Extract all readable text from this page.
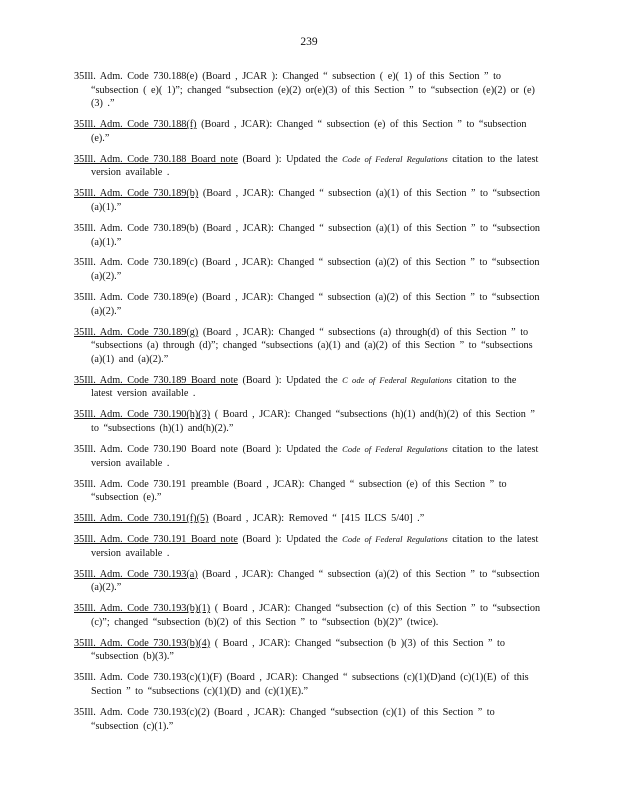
239

35Ill. Adm. Code 730.188(e) (Board , JCAR ): Changed “ subsection ( e)( 1) of this Section ” to “subsection ( e)( 1)”; changed “subsection (e)(2) or(e)(3) of this Section ” to “subsection (e)(2) or (e)(3) .”

35Ill. Adm. Code 730.188(f) (Board , JCAR): Changed “ subsection (e) of this Section ” to “subsection (e).”

35Ill. Adm. Code 730.188 Board note (Board ): Updated the Code of Federal Regulations citation to the latest version available .

35Ill. Adm. Code 730.189(b) (Board , JCAR): Changed “ subsection (a)(1) of this Section ” to “subsection (a)(1).”

35Ill. Adm. Code 730.189(b) (Board , JCAR): Changed “ subsection (a)(1) of this Section ” to “subsection (a)(1).”

35Ill. Adm. Code 730.189(c) (Board , JCAR): Changed “ subsection (a)(2) of this Section ” to “subsection (a)(2).”

35Ill. Adm. Code 730.189(e) (Board , JCAR): Changed “ subsection (a)(2) of this Section ” to “subsection (a)(2).”

35Ill. Adm. Code 730.189(g) (Board , JCAR): Changed “ subsections (a) through(d) of this Section ” to “subsections (a) through (d)”; changed “subsections (a)(1) and (a)(2) of this Section ” to “subsections (a)(1) and (a)(2).”

35Ill. Adm. Code 730.189 Board note (Board ): Updated the C ode of Federal Regulations citation to the latest version available .

35Ill. Adm. Code 730.190(h)(3) ( Board , JCAR): Changed “subsections (h)(1) and(h)(2) of this Section ” to “subsections (h)(1) and(h)(2).”

35Ill. Adm. Code 730.190 Board note (Board ): Updated the Code of Federal Regulations citation to the latest version available .

35Ill. Adm. Code 730.191 preamble (Board , JCAR): Changed “ subsection (e) of this Section ” to “subsection (e).”

35Ill. Adm. Code 730.191(f)(5) (Board , JCAR): Removed “ [415 ILCS 5/40] .”

35Ill. Adm. Code 730.191 Board note (Board ): Updated the Code of Federal Regulations citation to the latest version available .

35Ill. Adm. Code 730.193(a) (Board , JCAR): Changed “ subsection (a)(2) of this Section ” to “subsection (a)(2).”

35Ill. Adm. Code 730.193(b)(1) ( Board , JCAR): Changed “subsection (c) of this Section ” to “subsection (c)”; changed “subsection (b)(2) of this Section ” to “subsection (b)(2)” (twice).

35Ill. Adm. Code 730.193(b)(4) ( Board , JCAR): Changed “subsection (b )(3) of this Section ” to “subsection (b)(3).”

35Ill. Adm. Code 730.193(c)(1)(F) (Board , JCAR): Changed “ subsections (c)(1)(D)and (c)(1)(E) of this Section ” to “subsections (c)(1)(D) and (c)(1)(E).”

35Ill. Adm. Code 730.193(c)(2) (Board , JCAR): Changed “subsection (c)(1) of this Section ” to “subsection (c)(1).”
